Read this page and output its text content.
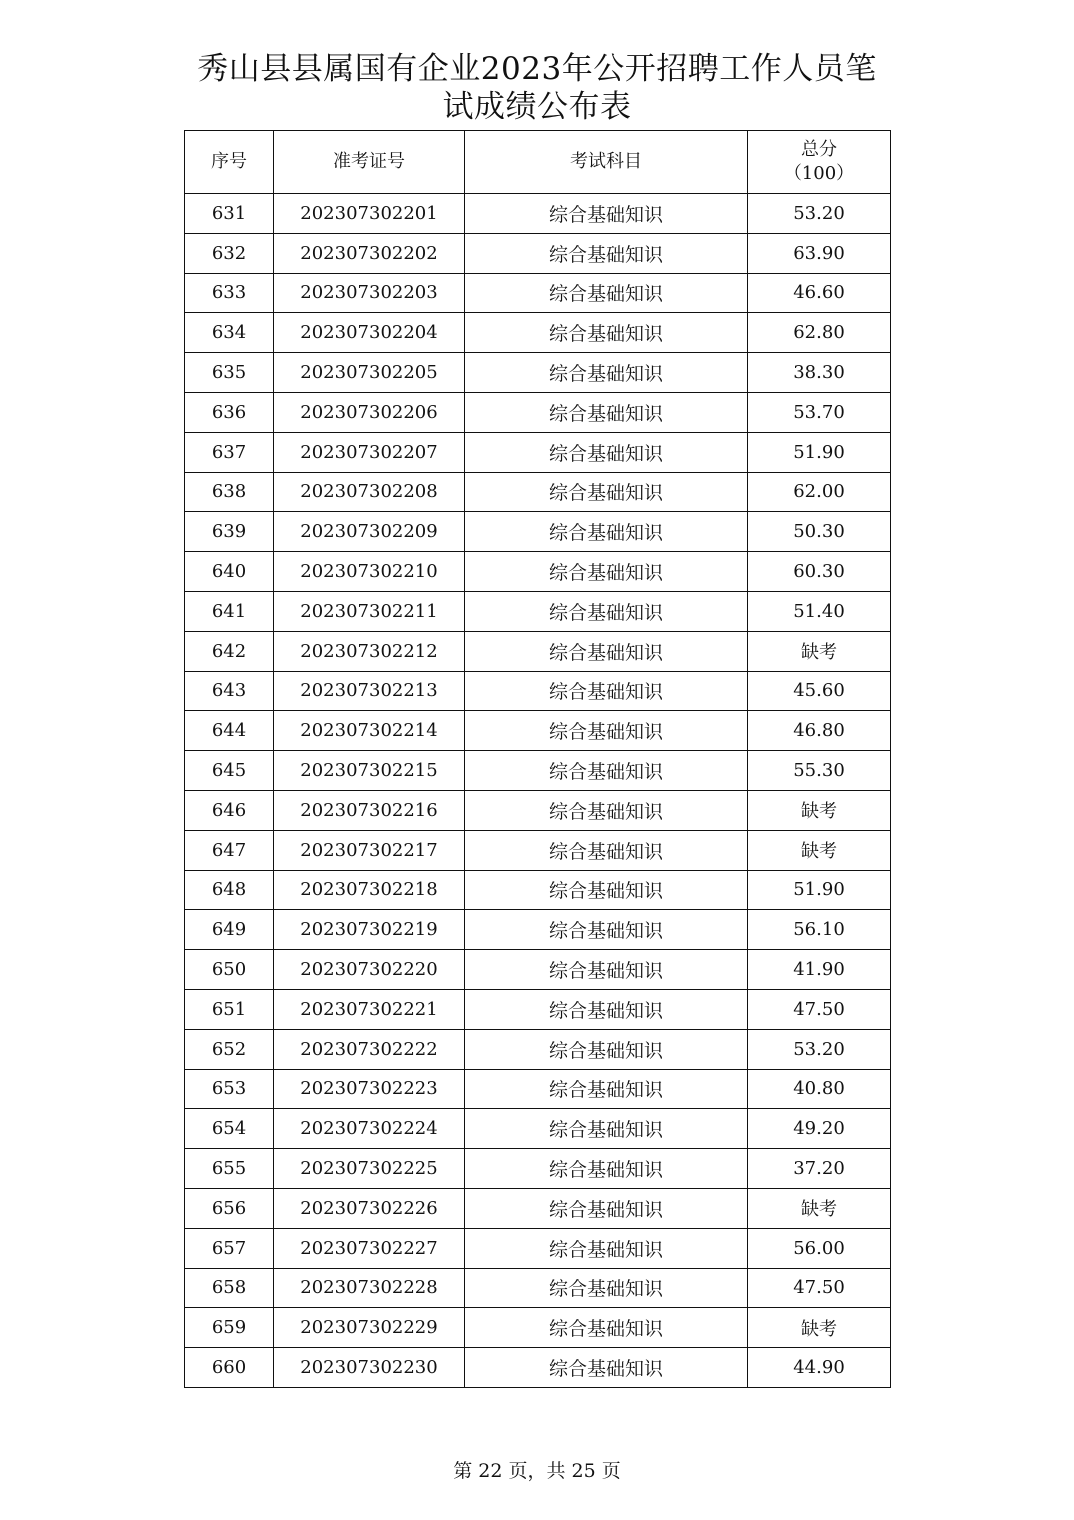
秀山县县属国有企业2023年公开招聘工作人员笔
试成绩公布表
序号	准考证号	考试科目	总分
（100）

631	202307302201	综合基础知识	53.20
632	202307302202	综合基础知识	63.90
633	202307302203	综合基础知识	46.60
634	202307302204	综合基础知识	62.80
635	202307302205	综合基础知识	38.30
636	202307302206	综合基础知识	53.70
637	202307302207	综合基础知识	51.90
638	202307302208	综合基础知识	62.00
639	202307302209	综合基础知识	50.30
640	202307302210	综合基础知识	60.30
641	202307302211	综合基础知识	51.40
642	202307302212	综合基础知识	缺考
643	202307302213	综合基础知识	45.60
644	202307302214	综合基础知识	46.80
645	202307302215	综合基础知识	55.30
646	202307302216	综合基础知识	缺考
647	202307302217	综合基础知识	缺考
648	202307302218	综合基础知识	51.90
649	202307302219	综合基础知识	56.10
650	202307302220	综合基础知识	41.90
651	202307302221	综合基础知识	47.50
652	202307302222	综合基础知识	53.20
653	202307302223	综合基础知识	40.80
654	202307302224	综合基础知识	49.20
655	202307302225	综合基础知识	37.20
656	202307302226	综合基础知识	缺考
657	202307302227	综合基础知识	56.00
658	202307302228	综合基础知识	47.50
659	202307302229	综合基础知识	缺考
660	202307302230	综合基础知识	44.90
第 22 页，共 25 页
